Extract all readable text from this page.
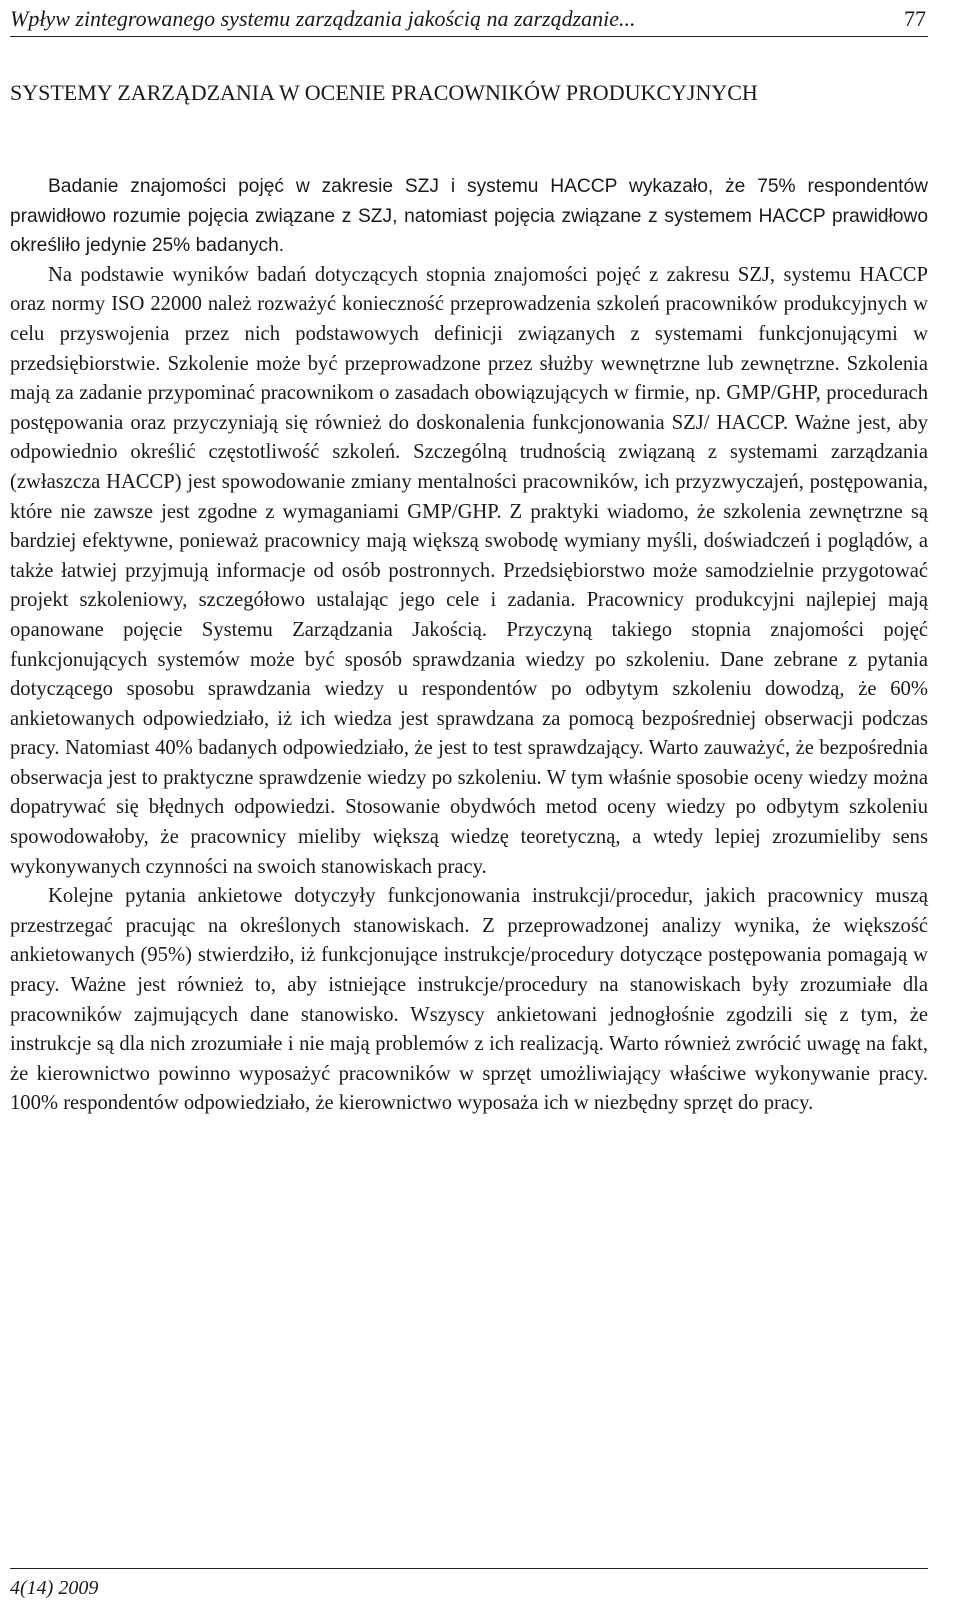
Wpływ zintegrowanego systemu zarządzania jakością na zarządzanie...	77
SYSTEMY ZARZĄDZANIA W OCENIE PRACOWNIKÓW PRODUKCYJNYCH

Badanie znajomości pojęć w zakresie SZJ i systemu HACCP wykazało, że 75% respondentów prawidłowo rozumie pojęcia związane z SZJ, natomiast pojęcia związane z systemem HACCP prawidłowo określiło jedynie 25% badanych.

Na podstawie wyników badań dotyczących stopnia znajomości pojęć z zakresu SZJ, systemu HACCP oraz normy ISO 22000 należ rozważyć konieczność przeprowadzenia szkoleń pracowników produkcyjnych w celu przyswojenia przez nich podstawowych definicji związanych z systemami funkcjonującymi w przedsiębiorstwie. Szkolenie może być przeprowadzone przez służby wewnętrzne lub zewnętrzne. Szkolenia mają za zadanie przypominać pracownikom o zasadach obowiązujących w firmie, np. GMP/GHP, procedurach postępowania oraz przyczyniają się również do doskonalenia funkcjonowania SZJ/ HACCP. Ważne jest, aby odpowiednio określić częstotliwość szkoleń. Szczególną trudnością związaną z systemami zarządzania (zwłaszcza HACCP) jest spowodowanie zmiany mentalności pracowników, ich przyzwyczajeń, postępowania, które nie zawsze jest zgodne z wymaganiami GMP/GHP. Z praktyki wiadomo, że szkolenia zewnętrzne są bardziej efektywne, ponieważ pracownicy mają większą swobodę wymiany myśli, doświadczeń i poglądów, a także łatwiej przyjmują informacje od osób postronnych. Przedsiębiorstwo może samodzielnie przygotować projekt szkoleniowy, szczegółowo ustalając jego cele i zadania. Pracownicy produkcyjni najlepiej mają opanowane pojęcie Systemu Zarządzania Jakością. Przyczyną takiego stopnia znajomości pojęć funkcjonujących systemów może być sposób sprawdzania wiedzy po szkoleniu. Dane zebrane z pytania dotyczącego sposobu sprawdzania wiedzy u respondentów po odbytym szkoleniu dowodzą, że 60% ankietowanych odpowiedziało, iż ich wiedza jest sprawdzana za pomocą bezpośredniej obserwacji podczas pracy. Natomiast 40% badanych odpowiedziało, że jest to test sprawdzający. Warto zauważyć, że bezpośrednia obserwacja jest to praktyczne sprawdzenie wiedzy po szkoleniu. W tym właśnie sposobie oceny wiedzy można dopatrywać się błędnych odpowiedzi. Stosowanie obydwóch metod oceny wiedzy po odbytym szkoleniu spowodowałoby, że pracownicy mieliby większą wiedzę teoretyczną, a wtedy lepiej zrozumieliby sens wykonywanych czynności na swoich stanowiskach pracy.

Kolejne pytania ankietowe dotyczyły funkcjonowania instrukcji/procedur, jakich pracownicy muszą przestrzegać pracując na określonych stanowiskach. Z przeprowadzonej analizy wynika, że większość ankietowanych (95%) stwierdziło, iż funkcjonujące instrukcje/procedury dotyczące postępowania pomagają w pracy. Ważne jest również to, aby istniejące instrukcje/procedury na stanowiskach były zrozumiałe dla pracowników zajmujących dane stanowisko. Wszyscy ankietowani jednogłośnie zgodzili się z tym, że instrukcje są dla nich zrozumiałe i nie mają problemów z ich realizacją. Warto również zwrócić uwagę na fakt, że kierownictwo powinno wyposażyć pracowników w sprzęt umożliwiający właściwe wykonywanie pracy. 100% respondentów odpowiedziało, że kierownictwo wyposaża ich w niezbędny sprzęt do pracy.

4(14) 2009
